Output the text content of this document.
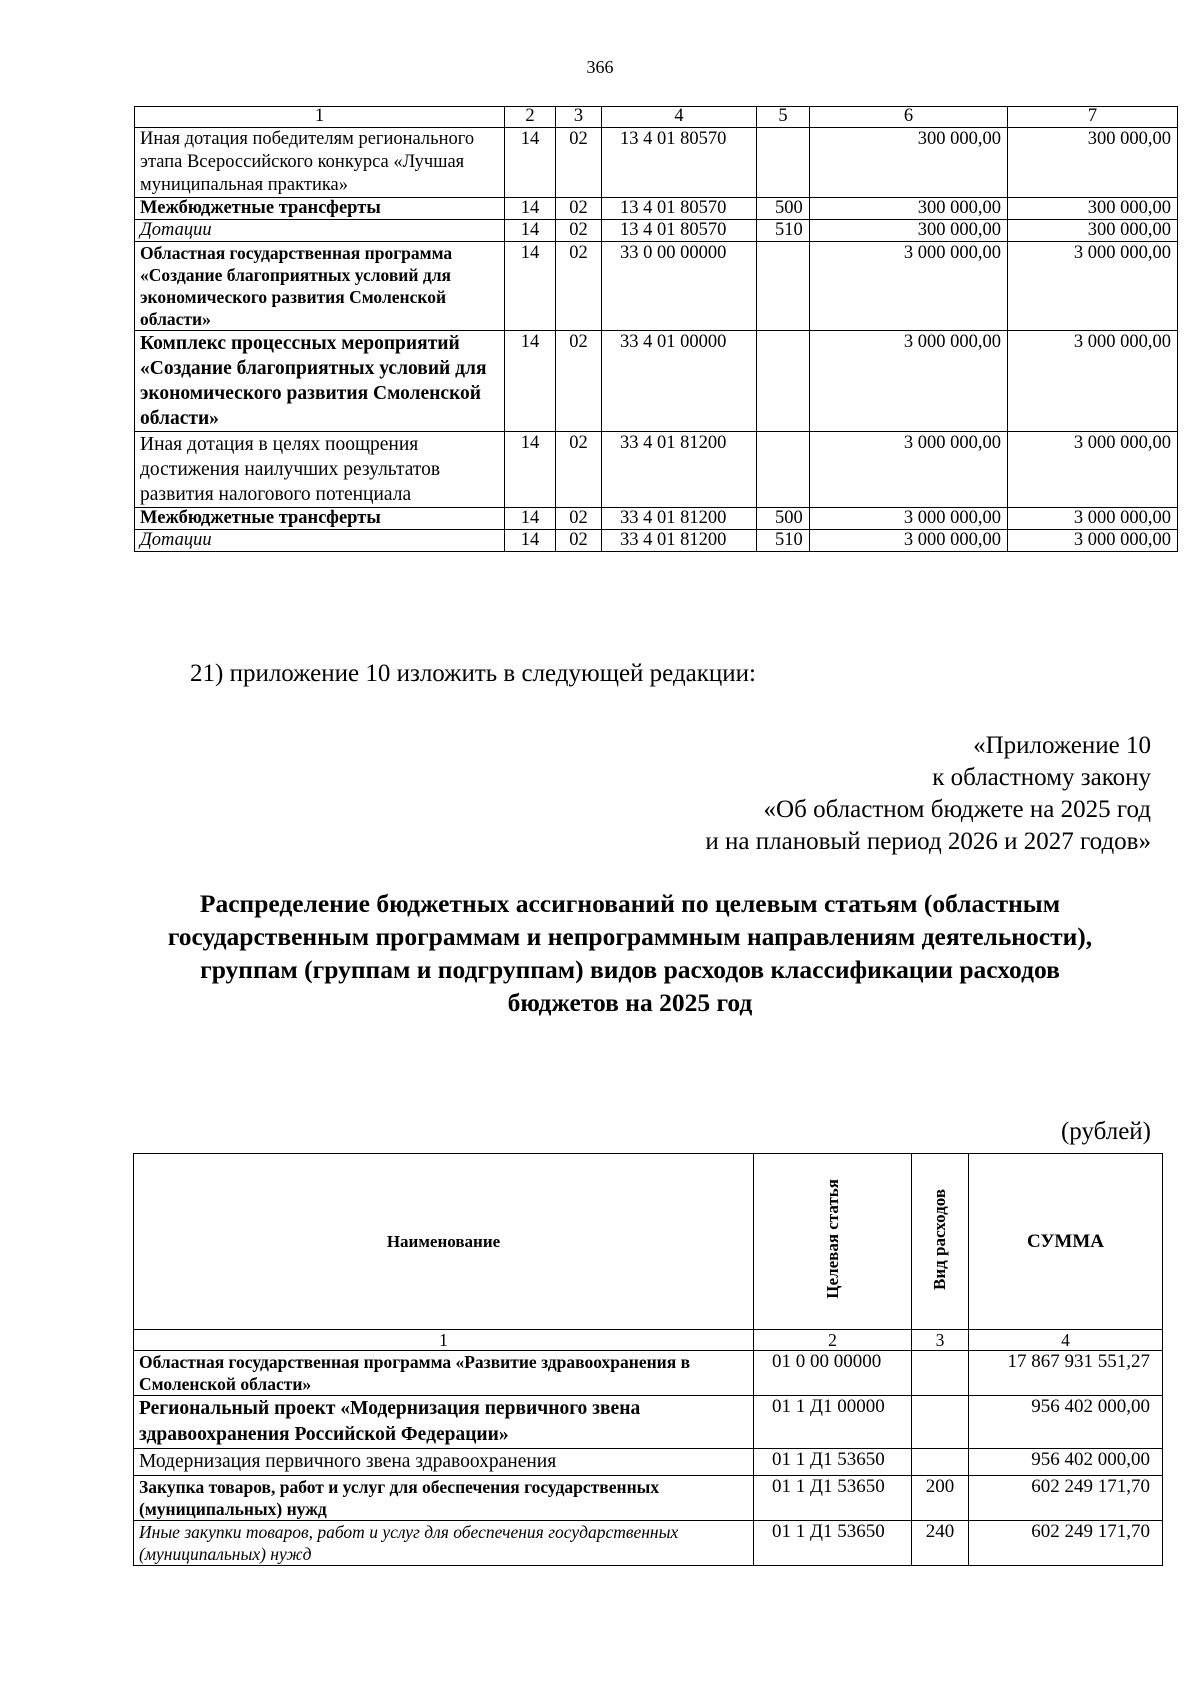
366
1	2	3	4	5	6	7
Иная дотация победителям регионального этапа Всероссийского конкурса «Лучшая муниципальная практика»	14	02	13 4 01 80570		300 000,00	300 000,00
Межбюджетные трансферты	14	02	13 4 01 80570	500	300 000,00	300 000,00
Дотации	14	02	13 4 01 80570	510	300 000,00	300 000,00
Областная государственная программа «Создание благоприятных условий для экономического развития Смоленской области»	14	02	33 0 00 00000		3 000 000,00	3 000 000,00
Комплекс процессных мероприятий «Создание благоприятных условий для экономического развития Смоленской области»	14	02	33 4 01 00000		3 000 000,00	3 000 000,00
Иная дотация в целях поощрения достижения наилучших результатов развития налогового потенциала	14	02	33 4 01 81200		3 000 000,00	3 000 000,00
Межбюджетные трансферты	14	02	33 4 01 81200	500	3 000 000,00	3 000 000,00
Дотации	14	02	33 4 01 81200	510	3 000 000,00	3 000 000,00
21) приложение 10 изложить в следующей редакции:
«Приложение 10
к областному закону
«Об областном бюджете на 2025 год
и на плановый период 2026 и 2027 годов»
Распределение бюджетных ассигнований по целевым статьям (областным
государственным программам и непрограммным направлениям деятельности),
группам (группам и подгруппам) видов расходов классификации расходов
бюджетов на 2025 год
(рублей)
Наименование	Целевая статья	Вид расходов	СУММА
1	2	3	4
Областная государственная программа «Развитие здравоохранения в Смоленской области»	01 0 00 00000		17 867 931 551,27
Региональный проект «Модернизация первичного звена здравоохранения Российской Федерации»	01 1 Д1 00000		956 402 000,00
Модернизация первичного звена здравоохранения	01 1 Д1 53650		956 402 000,00
Закупка товаров, работ и услуг для обеспечения государственных (муниципальных) нужд	01 1 Д1 53650	200	602 249 171,70
Иные закупки товаров, работ и услуг для обеспечения государственных (муниципальных) нужд	01 1 Д1 53650	240	602 249 171,70
